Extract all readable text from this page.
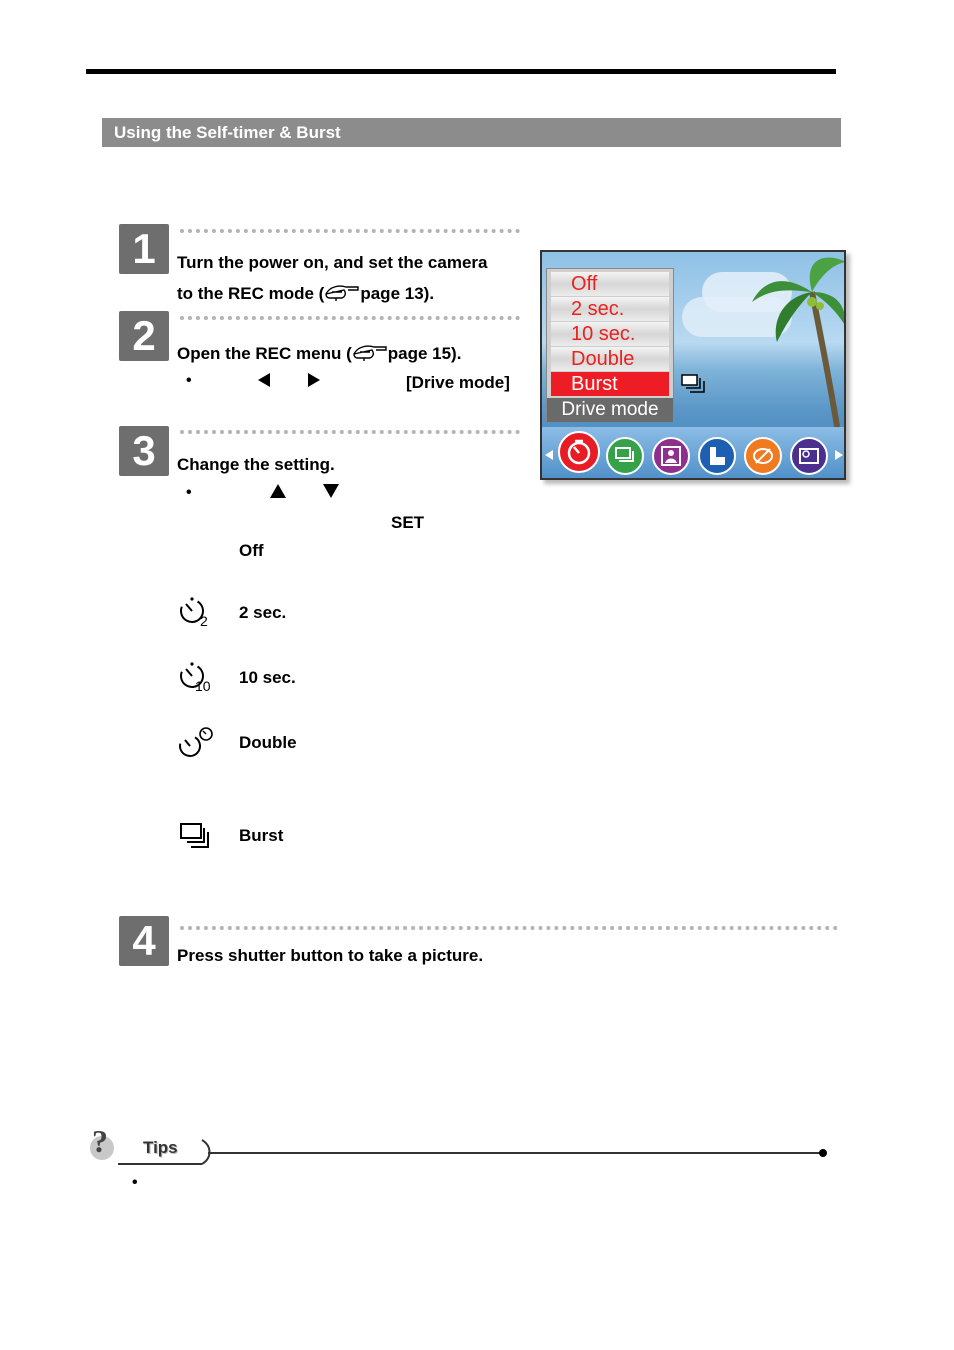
Using the Self-timer & Burst
1	Turn the power on, and set the camera
to the REC mode ( page 13).
2	Open the REC menu ( page 15).
•	[Drive mode]
3	Change the setting.
•
SET
Off
2 2 sec.
10 10 sec.
Double
Burst
4	Press shutter button to take a picture.
Off
2 sec.
10 sec.
Double
Burst
Drive mode
? Tips
•
